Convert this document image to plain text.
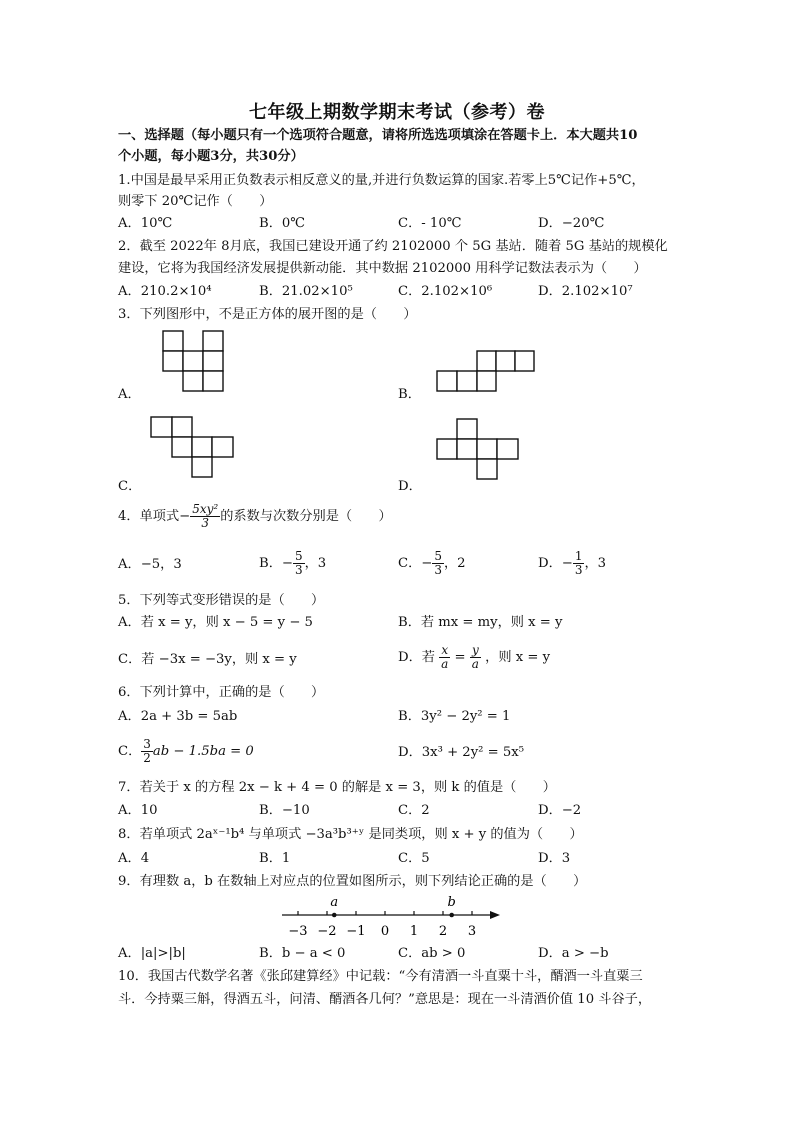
七年级上期数学期末考试（参考）卷
一、选择题（每小题只有一个选项符合题意，请将所选选项填涂在答题卡上．本大题共10
个小题，每小题3分，共30分）
1.中国是最早采用正负数表示相反意义的量,并进行负数运算的国家.若零上5℃记作+5℃，
则零下 20℃记作（　　）
A．10℃	B．0℃	C．- 10℃	D．−20℃
2．截至 2022年 8月底，我国已建设开通了约 2102000 个 5G 基站．随着 5G 基站的规模化
建设，它将为我国经济发展提供新动能．其中数据 2102000 用科学记数法表示为（　　）
A．210.2×10⁴	B．21.02×10⁵	C．2.102×10⁶	D．2.102×10⁷
3．下列图形中，不是正方体的展开图的是（　　）
A．	B．
C．	D．
4．单项式− $\frac{\text{5xy²}}{3}$ 的系数与次数分别是（　　）
A．−5，3	B．− $\frac{5}{3}$ ，3	C．− $\frac{5}{3}$ ，2	D．− $\frac{1}{3}$ ，3
5．下列等式变形错误的是（　　）
A．若 x = y，则 x − 5 = y − 5	B．若 mx = my，则 x = y
C．若 −3x = −3y，则 x = y	D．若 $\frac{x}{a} = \frac{y}{a}$ ，则 x = y
6．下列计算中，正确的是（　　）
A．2a + 3b = 5ab	B．3y² − 2y² = 1
C． $\frac{3}{2}$ ab − 1.5ba = 0	D．3x³ + 2y² = 5x⁵
7．若关于 x 的方程 2x − k + 4 = 0 的解是 x = 3，则 k 的值是（　　）
A．10	B．−10	C．2	D．−2
8．若单项式 2aˣ⁻¹b⁴ 与单项式 −3a³b³⁺ʸ 是同类项，则 x + y 的值为（　　）
A．4	B．1	C．5	D．3
9．有理数 a，b 在数轴上对应点的位置如图所示，则下列结论正确的是（　　）
−3 −2 −1 0 1 2 3
a	b
A．|a|>|b|	B．b − a < 0	C．ab > 0	D．a > −b
10．我国古代数学名著《张邱建算经》中记载：“今有清酒一斗直粟十斗，醑酒一斗直粟三
斗．今持粟三斛，得酒五斗，问清、醑酒各几何？”意思是：现在一斗清酒价值 10 斗谷子，
